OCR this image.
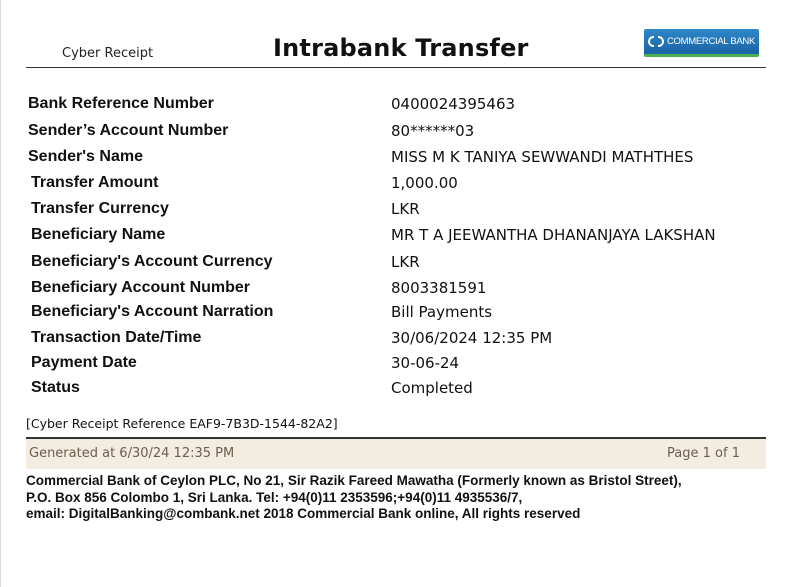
Cyber Receipt	Intrabank Transfer	COMMERCIAL BANK
Bank Reference Number	0400024395463
Sender’s Account Number	80******03
Sender's Name	MISS M K TANIYA SEWWANDI MATHTHES
Transfer Amount	1,000.00
Transfer Currency	LKR
Beneficiary Name	MR T A JEEWANTHA DHANANJAYA LAKSHAN
Beneficiary's Account Currency	LKR
Beneficiary Account Number	8003381591
Beneficiary's Account Narration	Bill Payments
Transaction Date/Time	30/06/2024 12:35 PM
Payment Date	30-06-24
Status	Completed
[Cyber Receipt Reference EAF9-7B3D-1544-82A2]
Generated at 6/30/24 12:35 PM	Page 1 of 1
Commercial Bank of Ceylon PLC, No 21, Sir Razik Fareed Mawatha (Formerly known as Bristol Street),
P.O. Box 856 Colombo 1, Sri Lanka. Tel: +94(0)11 2353596;+94(0)11 4935536/7,
email: DigitalBanking@combank.net 2018 Commercial Bank online, All rights reserved
